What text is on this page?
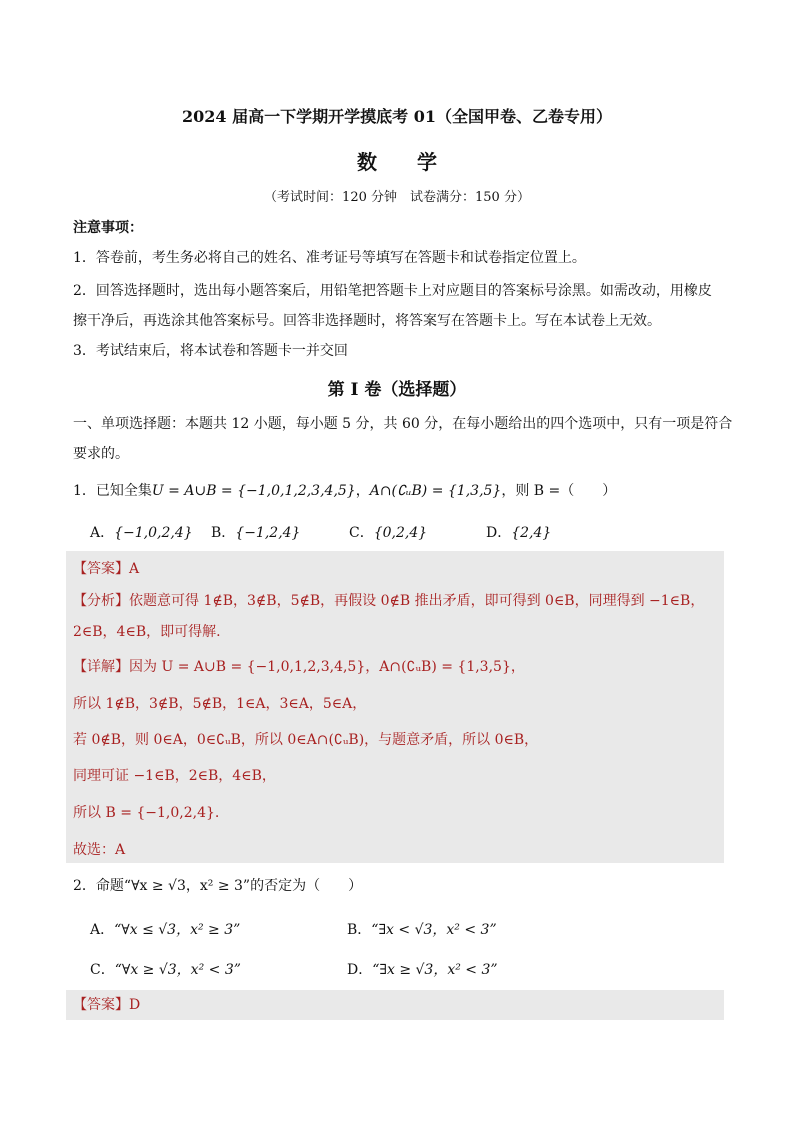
2024 届高一下学期开学摸底考 01（全国甲卷、乙卷专用）
数　　学
（考试时间：120 分钟　试卷满分：150 分）
注意事项：
1．答卷前，考生务必将自己的姓名、准考证号等填写在答题卡和试卷指定位置上。
2．回答选择题时，选出每小题答案后，用铅笔把答题卡上对应题目的答案标号涂黑。如需改动，用橡皮
擦干净后，再选涂其他答案标号。回答非选择题时，将答案写在答题卡上。写在本试卷上无效。
3．考试结束后，将本试卷和答题卡一并交回
第 I 卷（选择题）
一、单项选择题：本题共 12 小题，每小题 5 分，共 60 分，在每小题给出的四个选项中，只有一项是符合
要求的。
1．已知全集U = A∪B = {−1,0,1,2,3,4,5}，A∩(∁ᵤB) = {1,3,5}，则 B =（　　）
A．{−1,0,2,4} B．{−1,2,4}	C．{0,2,4}	D．{2,4}
【答案】A
【分析】依题意可得 1∉B，3∉B，5∉B，再假设 0∉B 推出矛盾，即可得到 0∈B，同理得到 −1∈B，
2∈B，4∈B，即可得解.
【详解】因为 U = A∪B = {−1,0,1,2,3,4,5}，A∩(∁ᵤB) = {1,3,5}，
所以 1∉B，3∉B，5∉B，1∈A，3∈A，5∈A，
若 0∉B，则 0∈A，0∈∁ᵤB，所以 0∈A∩(∁ᵤB)，与题意矛盾，所以 0∈B，
同理可证 −1∈B，2∈B，4∈B，
所以 B = {−1,0,2,4}.
故选：A
2．命题“∀x ≥ √3，x² ≥ 3”的否定为（　　）
A．“∀x ≤ √3，x² ≥ 3”	B．“∃x < √3，x² < 3”
C．“∀x ≥ √3，x² < 3”	D．“∃x ≥ √3，x² < 3”
【答案】D
